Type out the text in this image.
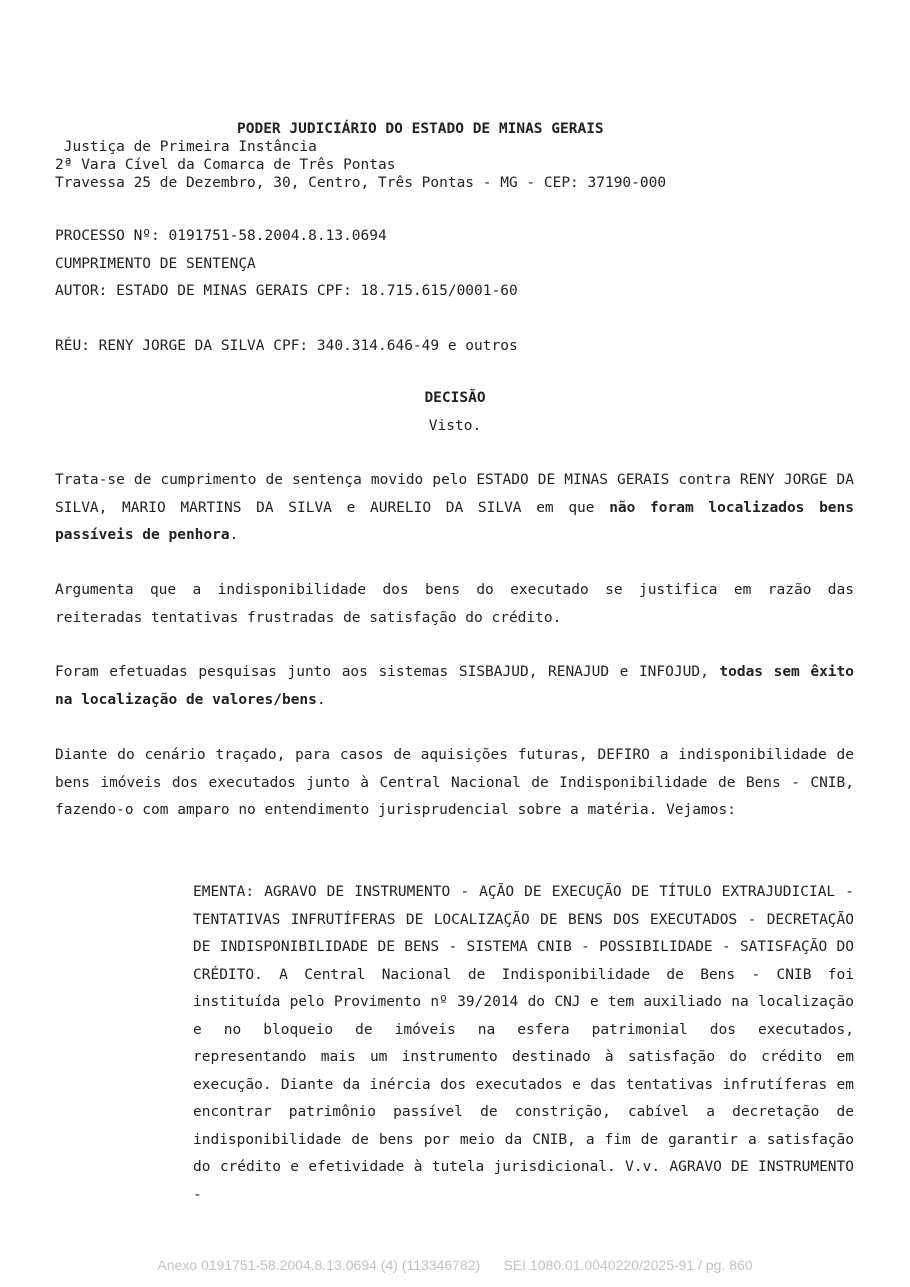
PODER JUDICIÁRIO DO ESTADO DE MINAS GERAIS
Justiça de Primeira Instância
2ª Vara Cível da Comarca de Três Pontas
Travessa 25 de Dezembro, 30, Centro, Três Pontas - MG - CEP: 37190-000
PROCESSO Nº: 0191751-58.2004.8.13.0694
CUMPRIMENTO DE SENTENÇA
AUTOR: ESTADO DE MINAS GERAIS CPF: 18.715.615/0001-60
RÉU: RENY JORGE DA SILVA CPF: 340.314.646-49 e outros
DECISÃO
Visto.
Trata-se de cumprimento de sentença movido pelo ESTADO DE MINAS GERAIS contra RENY JORGE DA SILVA, MARIO MARTINS DA SILVA e AURELIO DA SILVA em que não foram localizados bens passíveis de penhora.
Argumenta que a indisponibilidade dos bens do executado se justifica em razão das reiteradas tentativas frustradas de satisfação do crédito.
Foram efetuadas pesquisas junto aos sistemas SISBAJUD, RENAJUD e INFOJUD, todas sem êxito na localização de valores/bens.
Diante do cenário traçado, para casos de aquisições futuras, DEFIRO a indisponibilidade de bens imóveis dos executados junto à Central Nacional de Indisponibilidade de Bens - CNIB, fazendo-o com amparo no entendimento jurisprudencial sobre a matéria. Vejamos:
EMENTA: AGRAVO DE INSTRUMENTO - AÇÃO DE EXECUÇÃO DE TÍTULO EXTRAJUDICIAL - TENTATIVAS INFRUTÍFERAS DE LOCALIZAÇÃO DE BENS DOS EXECUTADOS - DECRETAÇÃO DE INDISPONIBILIDADE DE BENS - SISTEMA CNIB - POSSIBILIDADE - SATISFAÇÃO DO CRÉDITO. A Central Nacional de Indisponibilidade de Bens - CNIB foi instituída pelo Provimento nº 39/2014 do CNJ e tem auxiliado na localização e no bloqueio de imóveis na esfera patrimonial dos executados, representando mais um instrumento destinado à satisfação do crédito em execução. Diante da inércia dos executados e das tentativas infrutíferas em encontrar patrimônio passível de constrição, cabível a decretação de indisponibilidade de bens por meio da CNIB, a fim de garantir a satisfação do crédito e efetividade à tutela jurisdicional. V.v. AGRAVO DE INSTRUMENTO -
Anexo 0191751-58.2004.8.13.0694 (4) (113346782) SEI 1080.01.0040220/2025-91 / pg. 860
